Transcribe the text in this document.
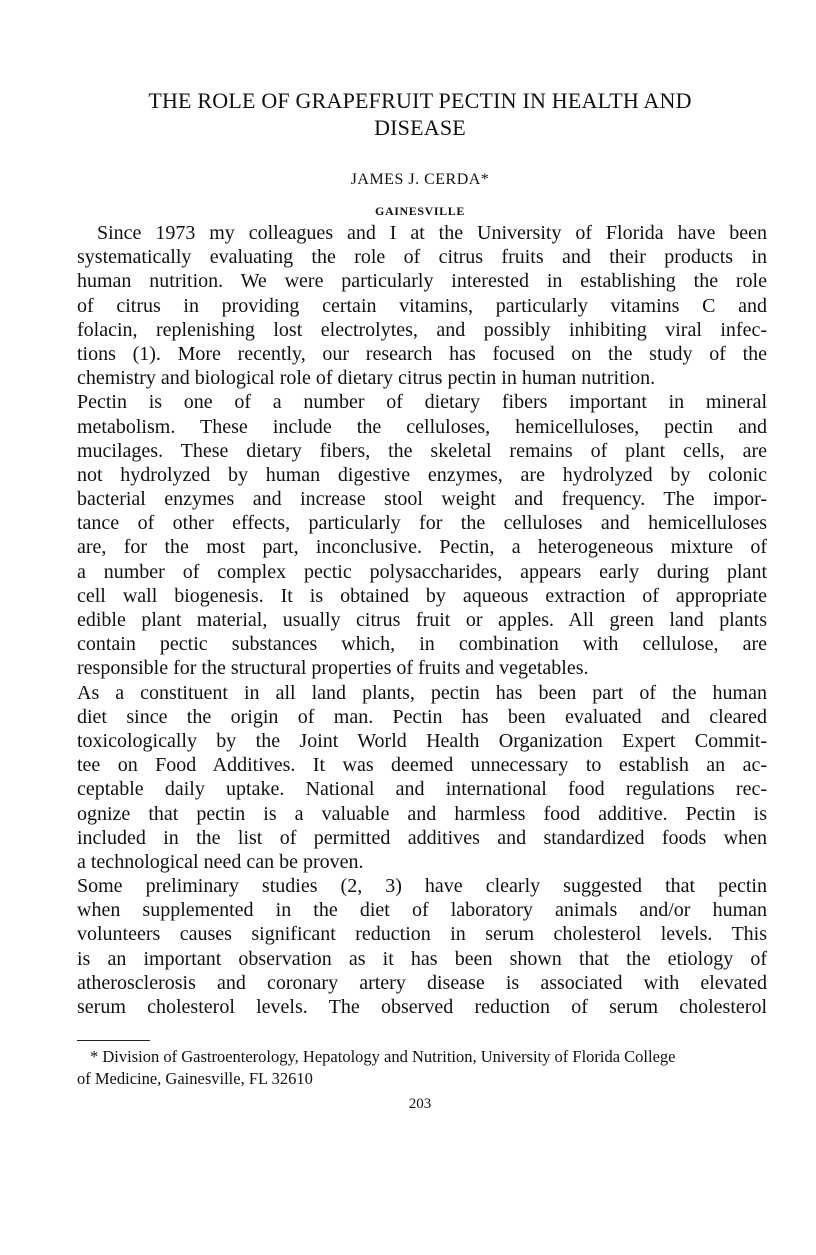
THE ROLE OF GRAPEFRUIT PECTIN IN HEALTH AND
DISEASE
JAMES J. CERDA*
GAINESVILLE
Since 1973 my colleagues and I at the University of Florida have been
systematically evaluating the role of citrus fruits and their products in
human nutrition. We were particularly interested in establishing the role
of citrus in providing certain vitamins, particularly vitamins C and
folacin, replenishing lost electrolytes, and possibly inhibiting viral infec-
tions (1). More recently, our research has focused on the study of the
chemistry and biological role of dietary citrus pectin in human nutrition.
Pectin is one of a number of dietary fibers important in mineral
metabolism. These include the celluloses, hemicelluloses, pectin and
mucilages. These dietary fibers, the skeletal remains of plant cells, are
not hydrolyzed by human digestive enzymes, are hydrolyzed by colonic
bacterial enzymes and increase stool weight and frequency. The impor-
tance of other effects, particularly for the celluloses and hemicelluloses
are, for the most part, inconclusive. Pectin, a heterogeneous mixture of
a number of complex pectic polysaccharides, appears early during plant
cell wall biogenesis. It is obtained by aqueous extraction of appropriate
edible plant material, usually citrus fruit or apples. All green land plants
contain pectic substances which, in combination with cellulose, are
responsible for the structural properties of fruits and vegetables.
As a constituent in all land plants, pectin has been part of the human
diet since the origin of man. Pectin has been evaluated and cleared
toxicologically by the Joint World Health Organization Expert Commit-
tee on Food Additives. It was deemed unnecessary to establish an ac-
ceptable daily uptake. National and international food regulations rec-
ognize that pectin is a valuable and harmless food additive. Pectin is
included in the list of permitted additives and standardized foods when
a technological need can be proven.
Some preliminary studies (2, 3) have clearly suggested that pectin
when supplemented in the diet of laboratory animals and/or human
volunteers causes significant reduction in serum cholesterol levels. This
is an important observation as it has been shown that the etiology of
atherosclerosis and coronary artery disease is associated with elevated
serum cholesterol levels. The observed reduction of serum cholesterol
* Division of Gastroenterology, Hepatology and Nutrition, University of Florida College
of Medicine, Gainesville, FL 32610
203
